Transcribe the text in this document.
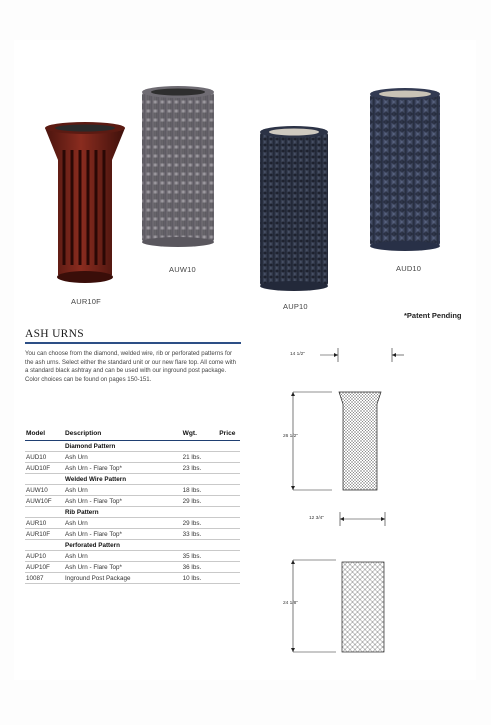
AUR10F
AUW10
AUP10
AUD10
*Patent Pending
ASH URNS
You can choose from the diamond, welded wire, rib or perforated patterns for the ash urns. Select either the standard unit or our new flare top. All come with a standard black ashtray and can be used with our inground post package. Color choices can be found on pages 150-151.
Model	Description	Wgt.	Price
	Diamond Pattern		
AUD10	Ash Urn	21 lbs.	
AUD10F	Ash Urn - Flare Top*	23 lbs.	
	Welded Wire Pattern		
AUW10	Ash Urn	18 lbs.	
AUW10F	Ash Urn - Flare Top*	29 lbs.	
	Rib Pattern		
AUR10	Ash Urn	29 lbs.	
AUR10F	Ash Urn - Flare Top*	33 lbs.	
	Perforated Pattern		
AUP10	Ash Urn	35 lbs.	
AUP10F	Ash Urn - Flare Top*	36 lbs.	
10087	Inground Post Package	10 lbs.	
14 1/2"
26 1/2"
12 3/4"
24 1/8"
